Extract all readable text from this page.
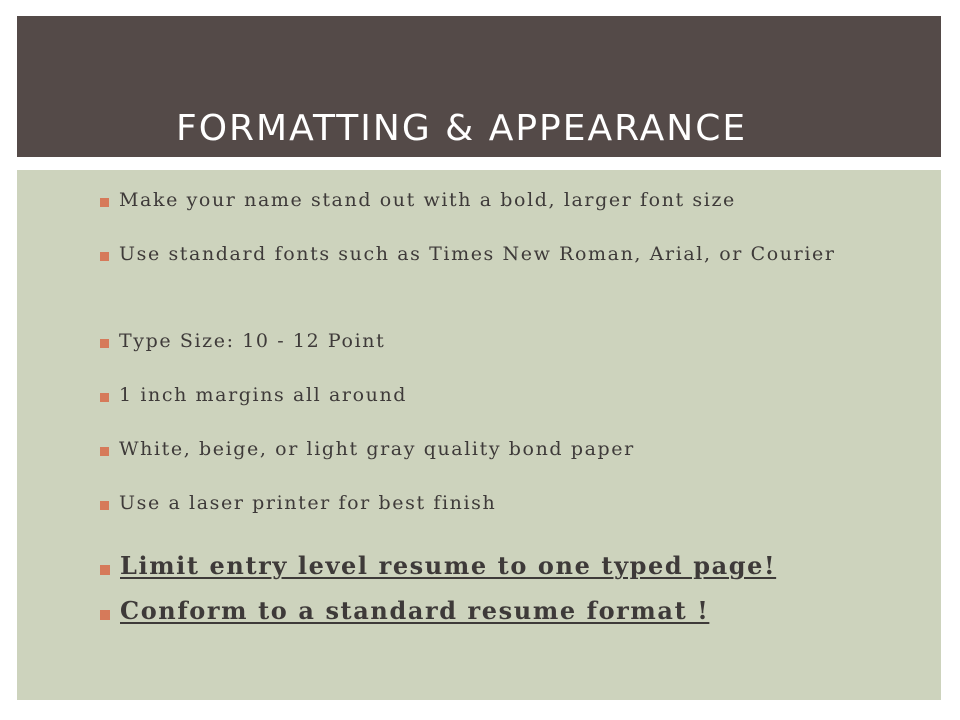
FORMATTING & APPEARANCE
Make your name stand out with a bold, larger font size
Use standard fonts such as Times New Roman, Arial, or Courier
Type Size: 10 - 12 Point
1 inch margins all around
White, beige, or light gray quality bond paper
Use a laser printer for best finish
Limit entry level resume to one typed page!
Conform to a standard resume format !
